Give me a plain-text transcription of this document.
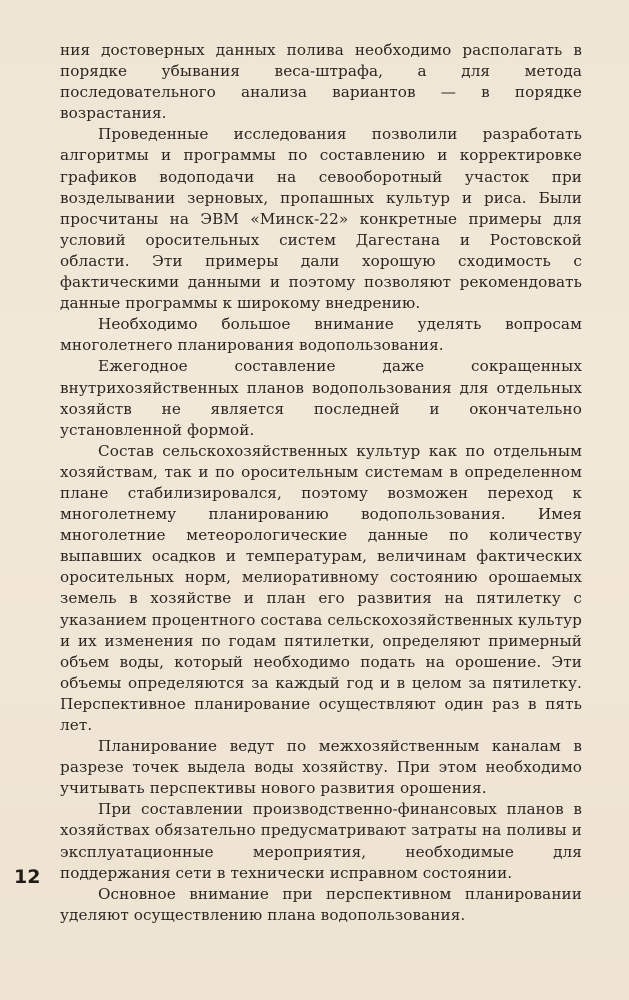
ния достоверных данных полива необходимо располагать в порядке убывания веса-штрафа, а для метода последовательного анализа вариантов — в порядке возрастания.

Проведенные исследования позволили разработать алгоритмы и программы по составлению и корректировке графиков водоподачи на севооборотный участок при возделывании зерновых, пропашных культур и риса. Были просчитаны на ЭВМ «Минск-22» конкретные примеры для условий оросительных систем Дагестана и Ростовской области. Эти примеры дали хорошую сходимость с фактическими данными и поэтому позволяют рекомендовать данные программы к широкому внедрению.

Необходимо большое внимание уделять вопросам многолетнего планирования водопользования.

Ежегодное составление даже сокращенных внутрихозяйственных планов водопользования для отдельных хозяйств не является последней и окончательно установленной формой.

Состав сельскохозяйственных культур как по отдельным хозяйствам, так и по оросительным системам в определенном плане стабилизировался, поэтому возможен переход к многолетнему планированию водопользования. Имея многолетние метеорологические данные по количеству выпавших осадков и температурам, величинам фактических оросительных норм, мелиоративному состоянию орошаемых земель в хозяйстве и план его развития на пятилетку с указанием процентного состава сельскохозяйственных культур и их изменения по годам пятилетки, определяют примерный объем воды, который необходимо подать на орошение. Эти объемы определяются за каждый год и в целом за пятилетку. Перспективное планирование осуществляют один раз в пять лет.

Планирование ведут по межхозяйственным каналам в разрезе точек выдела воды хозяйству. При этом необходимо учитывать перспективы нового развития орошения.

При составлении производственно-финансовых планов в хозяйствах обязательно предусматривают затраты на поливы и эксплуатационные мероприятия, необходимые для поддержания сети в технически исправном состоянии.

Основное внимание при перспективном планировании уделяют осуществлению плана водопользования.

12
